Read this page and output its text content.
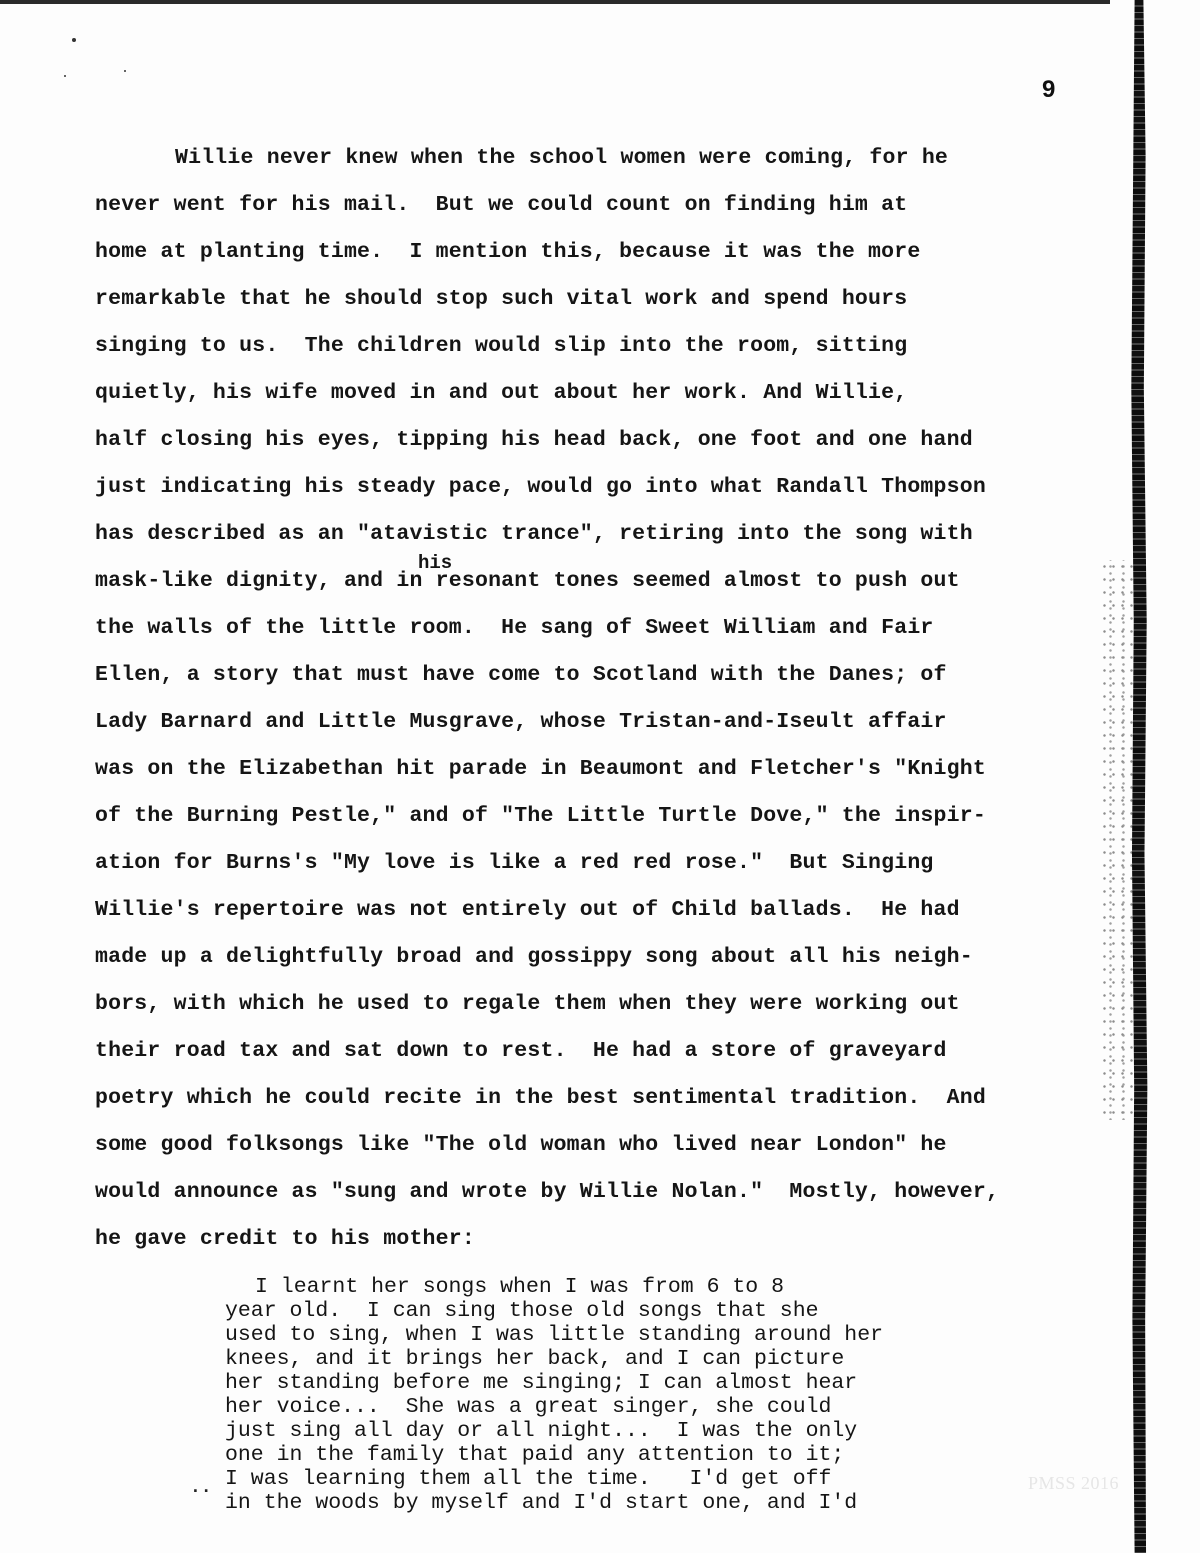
9
Willie never knew when the school women were coming, for he
never went for his mail.  But we could count on finding him at
home at planting time.  I mention this, because it was the more
remarkable that he should stop such vital work and spend hours
singing to us.  The children would slip into the room, sitting
quietly, his wife moved in and out about her work. And Willie,
half closing his eyes, tipping his head back, one foot and one hand
just indicating his steady pace, would go into what Randall Thompson
has described as an "atavistic trance", retiring into the song with
his
mask-like dignity, and in resonant tones seemed almost to push out
the walls of the little room.  He sang of Sweet William and Fair
Ellen, a story that must have come to Scotland with the Danes; of
Lady Barnard and Little Musgrave, whose Tristan-and-Iseult affair
was on the Elizabethan hit parade in Beaumont and Fletcher's "Knight
of the Burning Pestle," and of "The Little Turtle Dove," the inspir-
ation for Burns's "My love is like a red red rose."  But Singing
Willie's repertoire was not entirely out of Child ballads.  He had
made up a delightfully broad and gossippy song about all his neigh-
bors, with which he used to regale them when they were working out
their road tax and sat down to rest.  He had a store of graveyard
poetry which he could recite in the best sentimental tradition.  And
some good folksongs like "The old woman who lived near London" he
would announce as "sung and wrote by Willie Nolan."  Mostly, however,
he gave credit to his mother:
I learnt her songs when I was from 6 to 8
year old.  I can sing those old songs that she
used to sing, when I was little standing around her
knees, and it brings her back, and I can picture
her standing before me singing; I can almost hear
her voice...  She was a great singer, she could
just sing all day or all night...  I was the only
one in the family that paid any attention to it;
.. I was learning them all the time.   I'd get off
in the woods by myself and I'd start one, and I'd
PMSS 2016
